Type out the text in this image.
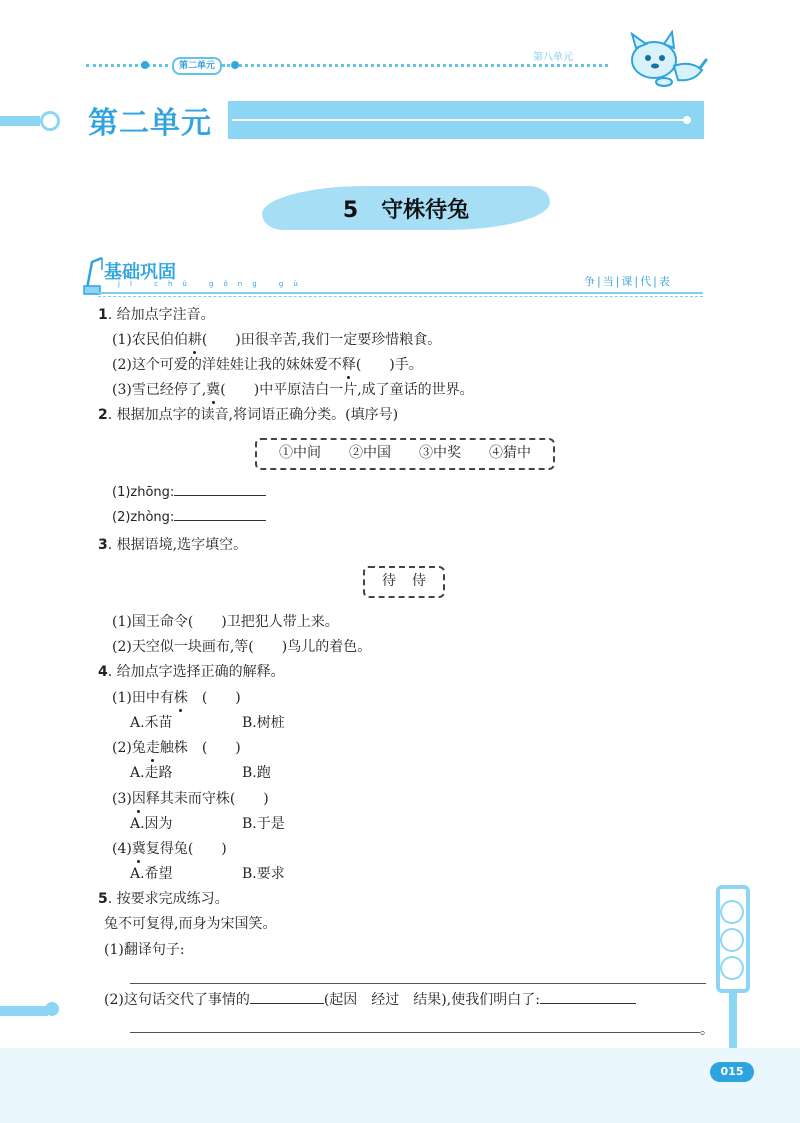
第二单元
第八单元
第二单元
5   守株待兔
基础巩固
jī chǔ gǒng gù	争|当|课|代|表
1. 给加点字注音。
(1)农民伯伯耕(　　)田很辛苦,我们一定要珍惜粮食。
(2)这个可爱的洋娃娃让我的妹妹爱不释(　　)手。
(3)雪已经停了,冀(　　)中平原洁白一片,成了童话的世界。
2. 根据加点字的读音,将词语正确分类。(填序号)
①中间 ②中国 ③中奖 ④猜中
(1)zhōng:
(2)zhòng:
3. 根据语境,选字填空。
待 侍
(1)国王命令(　　)卫把犯人带上来。
(2)天空似一块画布,等(　　)鸟儿的着色。
4. 给加点字选择正确的解释。
(1)田中有株　(　　)
A.禾苗	B.树桩
(2)兔走触株　(　　)
A.走路	B.跑
(3)因释其耒而守株(　　)
A.因为	B.于是
(4)冀复得兔(　　)
A.希望	B.要求
5. 按要求完成练习。
兔不可复得,而身为宋国笑。
(1)翻译句子:
(2)这句话交代了事情的	(起因　经过　结果),使我们明白了:
。
015
